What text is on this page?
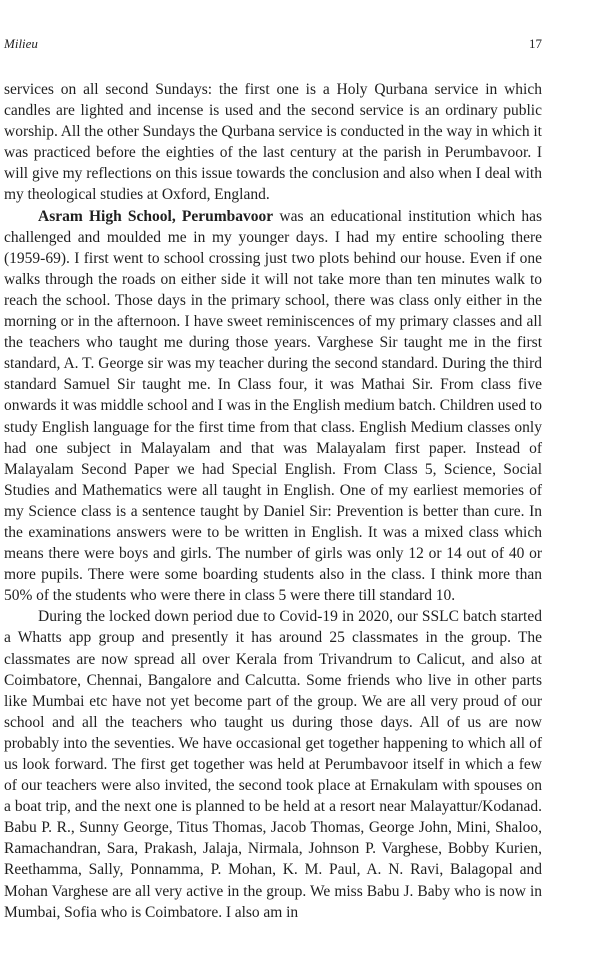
Milieu	17

services on all second Sundays: the first one is a Holy Qurbana service in which candles are lighted and incense is used and the second service is an ordinary public worship. All the other Sundays the Qurbana service is conducted in the way in which it was practiced before the eighties of the last century at the parish in Perumbavoor. I will give my reflections on this issue towards the conclusion and also when I deal with my theological studies at Oxford, England.

Asram High School, Perumbavoor was an educational institution which has challenged and moulded me in my younger days. I had my entire schooling there (1959-69). I first went to school crossing just two plots behind our house. Even if one walks through the roads on either side it will not take more than ten minutes walk to reach the school. Those days in the primary school, there was class only either in the morning or in the afternoon. I have sweet reminiscences of my primary classes and all the teachers who taught me during those years. Varghese Sir taught me in the first standard, A. T. George sir was my teacher during the second standard. During the third standard Samuel Sir taught me. In Class four, it was Mathai Sir. From class five onwards it was middle school and I was in the English medium batch. Children used to study English language for the first time from that class. English Medium classes only had one subject in Malayalam and that was Malayalam first paper. Instead of Malayalam Second Paper we had Special English. From Class 5, Science, Social Studies and Mathematics were all taught in English. One of my earliest memories of my Science class is a sentence taught by Daniel Sir: Prevention is better than cure. In the examinations answers were to be written in English. It was a mixed class which means there were boys and girls. The number of girls was only 12 or 14 out of 40 or more pupils. There were some boarding students also in the class. I think more than 50% of the students who were there in class 5 were there till standard 10.

During the locked down period due to Covid-19 in 2020, our SSLC batch started a Whatts app group and presently it has around 25 classmates in the group. The classmates are now spread all over Kerala from Trivandrum to Calicut, and also at Coimbatore, Chennai, Bangalore and Calcutta. Some friends who live in other parts like Mumbai etc have not yet become part of the group. We are all very proud of our school and all the teachers who taught us during those days. All of us are now probably into the seventies. We have occasional get together happening to which all of us look forward. The first get together was held at Perumbavoor itself in which a few of our teachers were also invited, the second took place at Ernakulam with spouses on a boat trip, and the next one is planned to be held at a resort near Malayattur/Kodanad. Babu P. R., Sunny George, Titus Thomas, Jacob Thomas, George John, Mini, Shaloo, Ramachandran, Sara, Prakash, Jalaja, Nirmala, Johnson P. Varghese, Bobby Kurien, Reethamma, Sally, Ponnamma, P. Mohan, K. M. Paul, A. N. Ravi, Balagopal and Mohan Varghese are all very active in the group. We miss Babu J. Baby who is now in Mumbai, Sofia who is Coimbatore. I also am in
